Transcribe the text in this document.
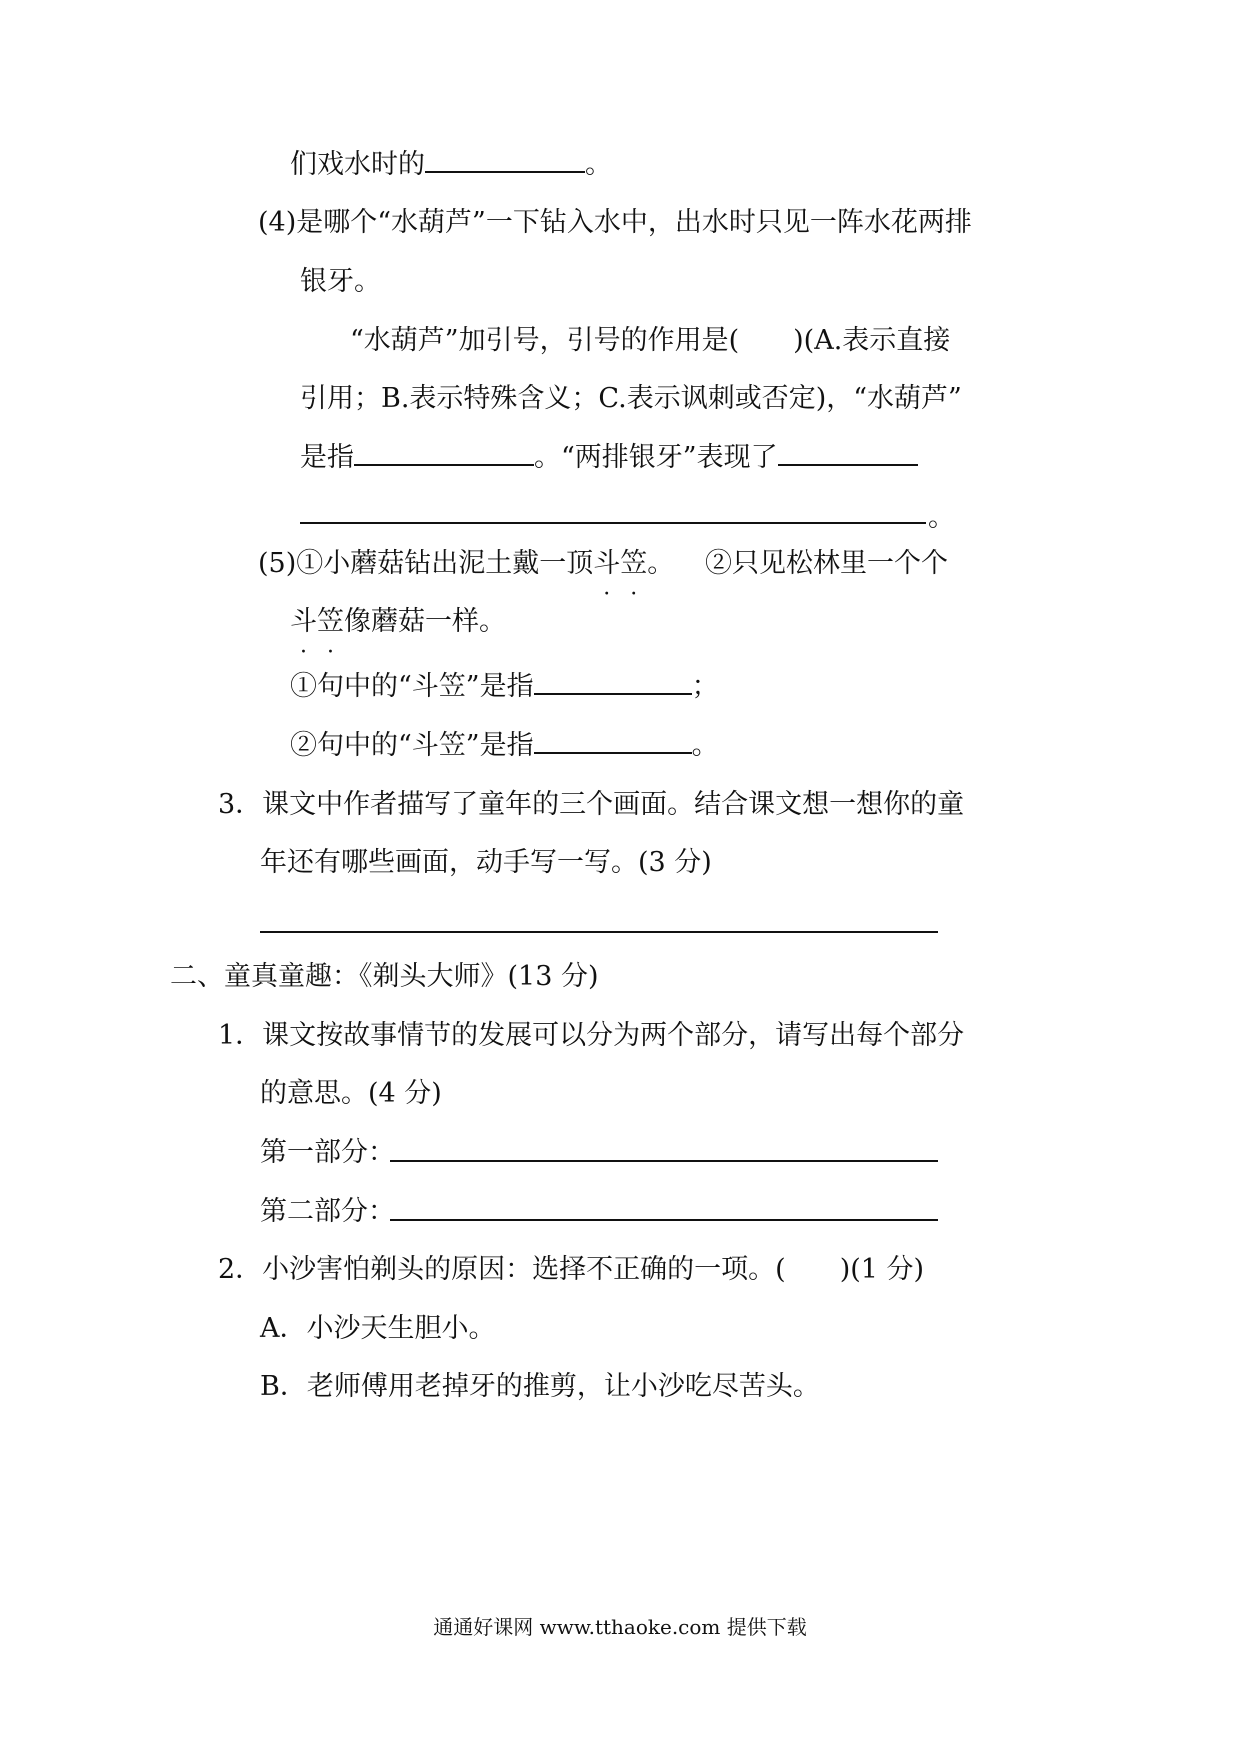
们戏水时的	。
(4)是哪个“水葫芦”一下钻入水中，出水时只见一阵水花两排
银牙。
“水葫芦”加引号，引号的作用是(　　)(A.表示直接
引用；B.表示特殊含义；C.表示讽刺或否定)，“水葫芦”
是指	。“两排银牙”表现了
。
(5)①小蘑菇钻出泥土戴一顶斗笠。 ②只见松林里一个个
斗笠像蘑菇一样。
①句中的“斗笠”是指	；
②句中的“斗笠”是指	。
3．课文中作者描写了童年的三个画面。结合课文想一想你的童
年还有哪些画面，动手写一写。(3 分)
二、童真童趣：《剃头大师》(13 分)
1．课文按故事情节的发展可以分为两个部分，请写出每个部分
的意思。(4 分)
第一部分：
第二部分：
2．小沙害怕剃头的原因：选择不正确的一项。(　　)(1 分)
A．小沙天生胆小。
B．老师傅用老掉牙的推剪，让小沙吃尽苦头。
通通好课网 www.tthaoke.com 提供下载
